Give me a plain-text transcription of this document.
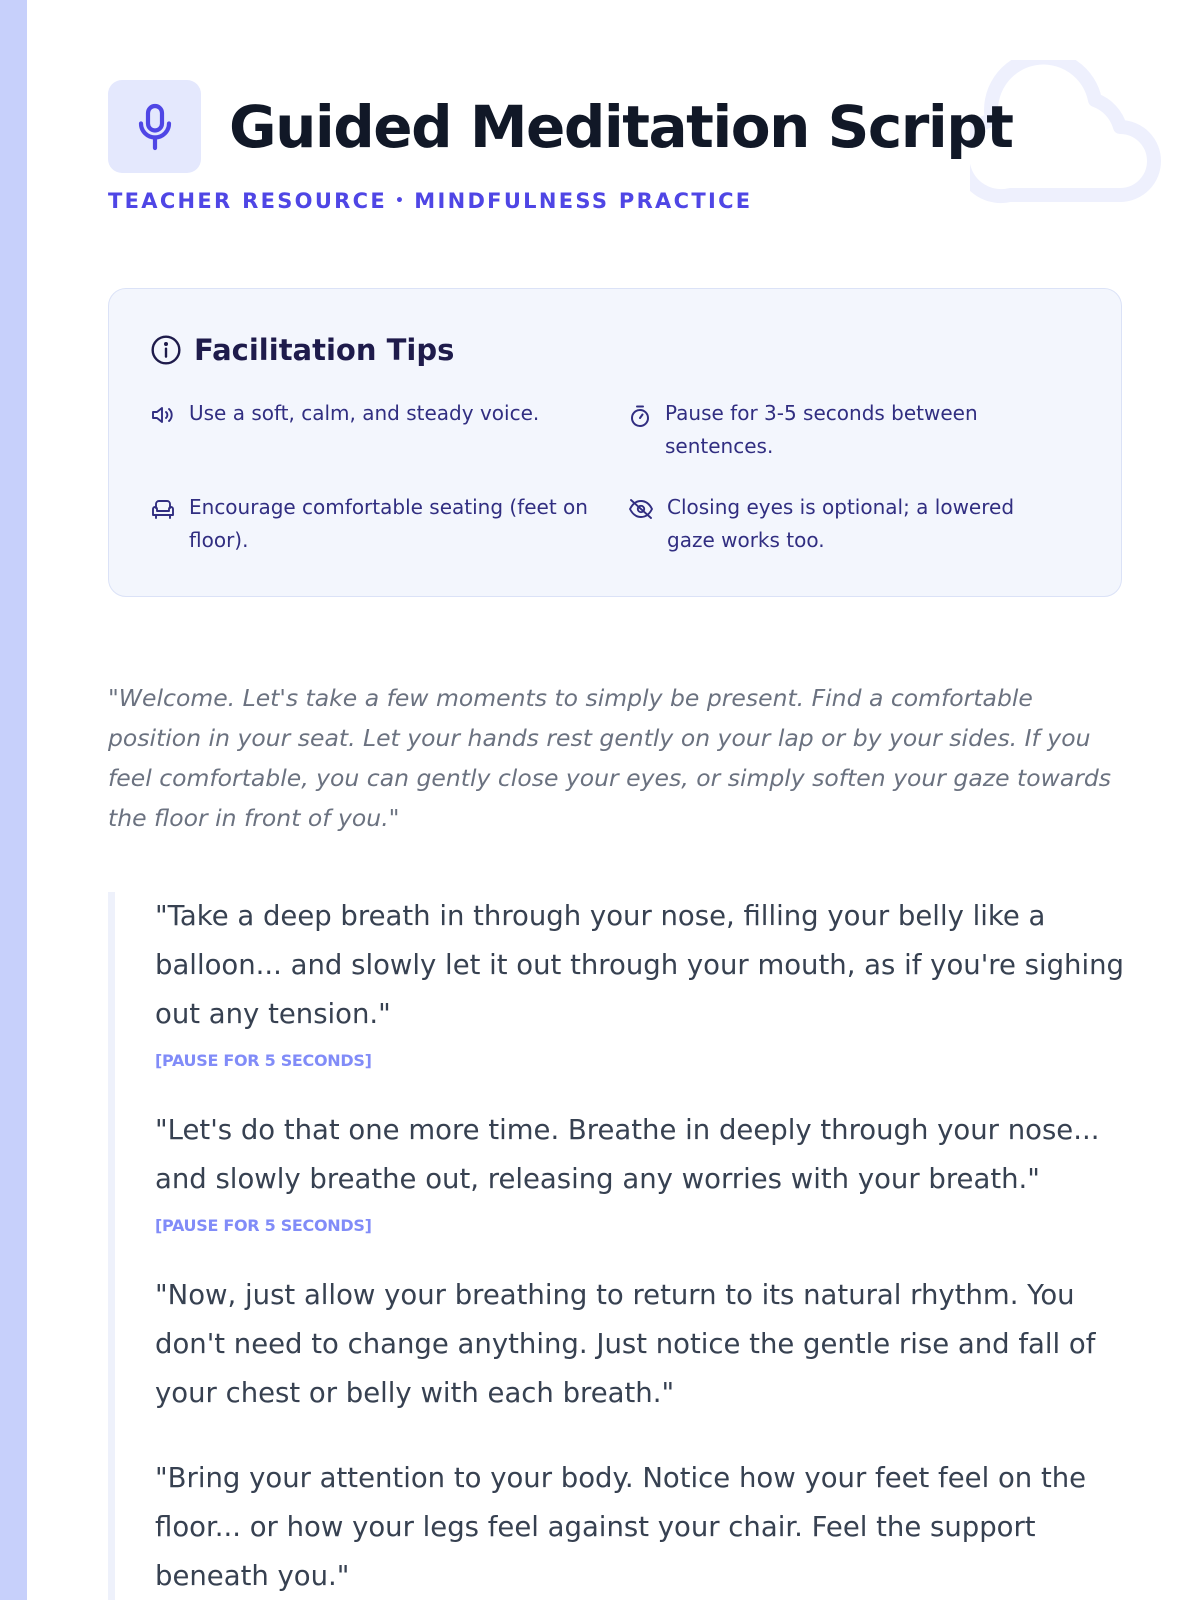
Guided Meditation Script
TEACHER RESOURCE • MINDFULNESS PRACTICE
Facilitation Tips
Use a soft, calm, and steady voice.	Pause for 3-5 seconds between sentences.
Encourage comfortable seating (feet on floor).
Closing eyes is optional; a lowered gaze works too.

"Welcome. Let's take a few moments to simply be present. Find a comfortable position in your seat. Let your hands rest gently on your lap or by your sides. If you feel comfortable, you can gently close your eyes, or simply soften your gaze towards the floor in front of you."

"Take a deep breath in through your nose, filling your belly like a balloon... and slowly let it out through your mouth, as if you're sighing out any tension."

[PAUSE FOR 5 SECONDS]

"Let's do that one more time. Breathe in deeply through your nose... and slowly breathe out, releasing any worries with your breath."

[PAUSE FOR 5 SECONDS]

"Now, just allow your breathing to return to its natural rhythm. You don't need to change anything. Just notice the gentle rise and fall of your chest or belly with each breath."

"Bring your attention to your body. Notice how your feet feel on the floor... or how your legs feel against your chair. Feel the support beneath you."
